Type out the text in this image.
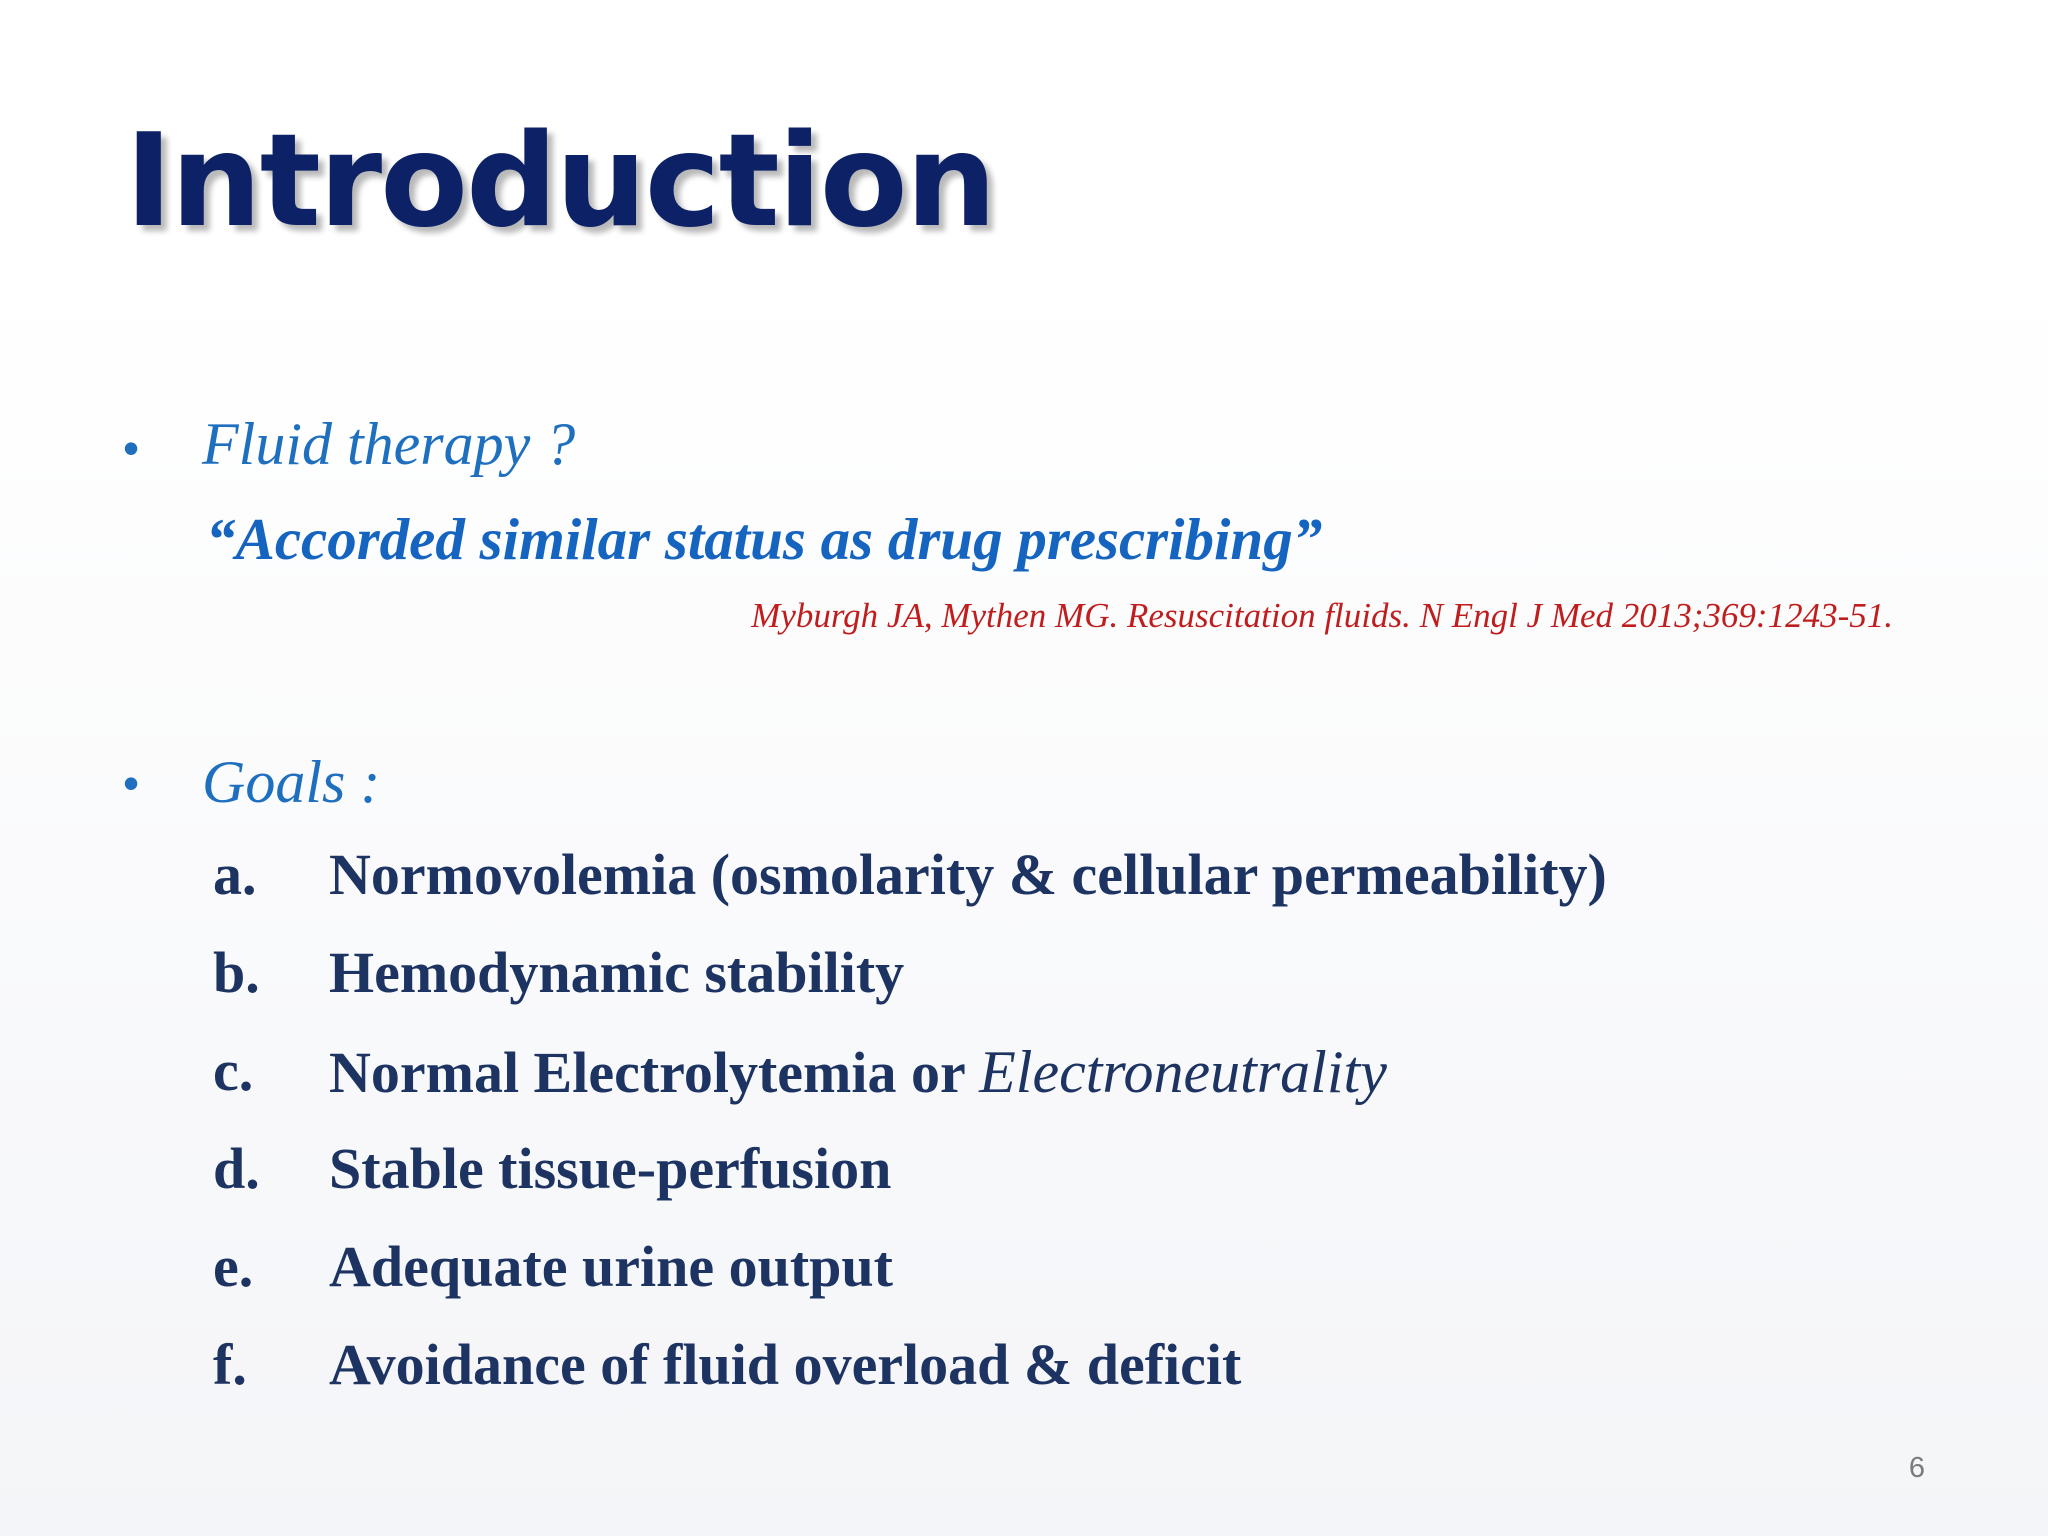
Introduction
• Fluid therapy ?
“Accorded similar status as drug prescribing”
Myburgh JA, Mythen MG. Resuscitation fluids. N Engl J Med 2013;369:1243-51.
• Goals :
a. Normovolemia (osmolarity & cellular permeability)
b. Hemodynamic stability
c. Normal Electrolytemia or Electroneutrality
d. Stable tissue-perfusion
e. Adequate urine output
f. Avoidance of fluid overload & deficit
6
